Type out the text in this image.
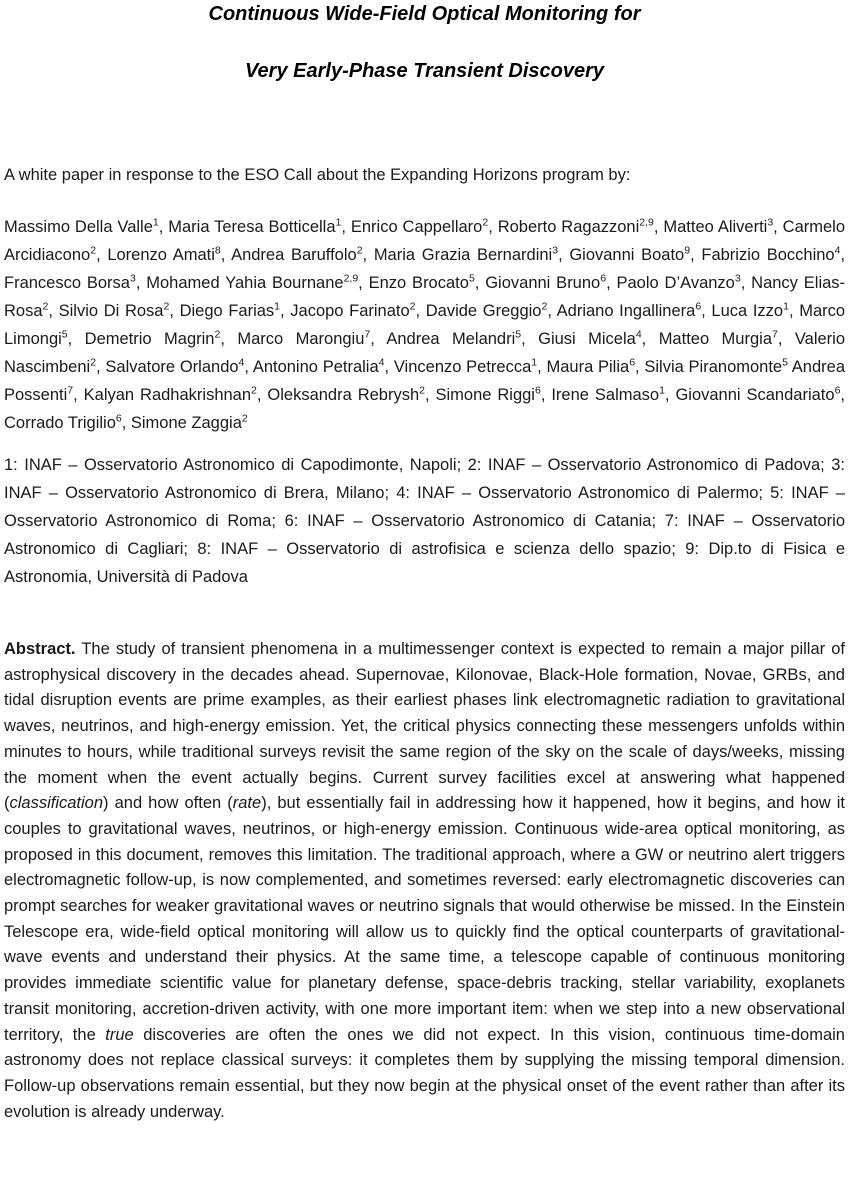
Continuous Wide-Field Optical Monitoring for
Very Early-Phase Transient Discovery

A white paper in response to the ESO Call about the Expanding Horizons program by:

Massimo Della Valle$^1$, Maria Teresa Botticella$^1$, Enrico Cappellaro$^2$, Roberto Ragazzoni$^{2,9}$, Matteo Aliverti$^3$, Carmelo Arcidiacono$^2$, Lorenzo Amati$^8$, Andrea Baruffolo$^2$, Maria Grazia Bernardini$^3$, Giovanni Boato$^9$, Fabrizio Bocchino$^4$, Francesco Borsa$^3$, Mohamed Yahia Bournane$^{2,9}$, Enzo Brocato$^5$, Giovanni Bruno$^6$, Paolo D’Avanzo$^3$, Nancy Elias-Rosa$^2$, Silvio Di Rosa$^2$, Diego Farias$^1$, Jacopo Farinato$^2$, Davide Greggio$^2$, Adriano Ingallinera$^6$, Luca Izzo$^1$, Marco Limongi$^5$, Demetrio Magrin$^2$, Marco Marongiu$^7$, Andrea Melandri$^5$, Giusi Micela$^4$, Matteo Murgia$^7$, Valerio Nascimbeni$^2$, Salvatore Orlando$^4$, Antonino Petralia$^4$, Vincenzo Petrecca$^1$, Maura Pilia$^6$, Silvia Piranomonte$^5$ Andrea Possenti$^7$, Kalyan Radhakrishnan$^2$, Oleksandra Rebrysh$^2$, Simone Riggi$^6$, Irene Salmaso$^1$, Giovanni Scandariato$^6$, Corrado Trigilio$^6$, Simone Zaggia$^2$

1: INAF – Osservatorio Astronomico di Capodimonte, Napoli; 2: INAF – Osservatorio Astronomico di Padova; 3: INAF – Osservatorio Astronomico di Brera, Milano; 4: INAF – Osservatorio Astronomico di Palermo; 5: INAF – Osservatorio Astronomico di Roma; 6: INAF – Osservatorio Astronomico di Catania; 7: INAF – Osservatorio Astronomico di Cagliari; 8: INAF – Osservatorio di astrofisica e scienza dello spazio; 9: Dip.to di Fisica e Astronomia, Università di Padova

Abstract. The study of transient phenomena in a multimessenger context is expected to remain a major pillar of astrophysical discovery in the decades ahead. Supernovae, Kilonovae, Black-Hole formation, Novae, GRBs, and tidal disruption events are prime examples, as their earliest phases link electromagnetic radiation to gravitational waves, neutrinos, and high-energy emission. Yet, the critical physics connecting these messengers unfolds within minutes to hours, while traditional surveys revisit the same region of the sky on the scale of days/weeks, missing the moment when the event actually begins. Current survey facilities excel at answering what happened (classification) and how often (rate), but essentially fail in addressing how it happened, how it begins, and how it couples to gravitational waves, neutrinos, or high-energy emission. Continuous wide-area optical monitoring, as proposed in this document, removes this limitation. The traditional approach, where a GW or neutrino alert triggers electromagnetic follow-up, is now complemented, and sometimes reversed: early electromagnetic discoveries can prompt searches for weaker gravitational waves or neutrino signals that would otherwise be missed. In the Einstein Telescope era, wide-field optical monitoring will allow us to quickly find the optical counterparts of gravitational-wave events and understand their physics. At the same time, a telescope capable of continuous monitoring provides immediate scientific value for planetary defense, space-debris tracking, stellar variability, exoplanets transit monitoring, accretion-driven activity, with one more important item: when we step into a new observational territory, the true discoveries are often the ones we did not expect. In this vision, continuous time-domain astronomy does not replace classical surveys: it completes them by supplying the missing temporal dimension. Follow-up observations remain essential, but they now begin at the physical onset of the event rather than after its evolution is already underway.
